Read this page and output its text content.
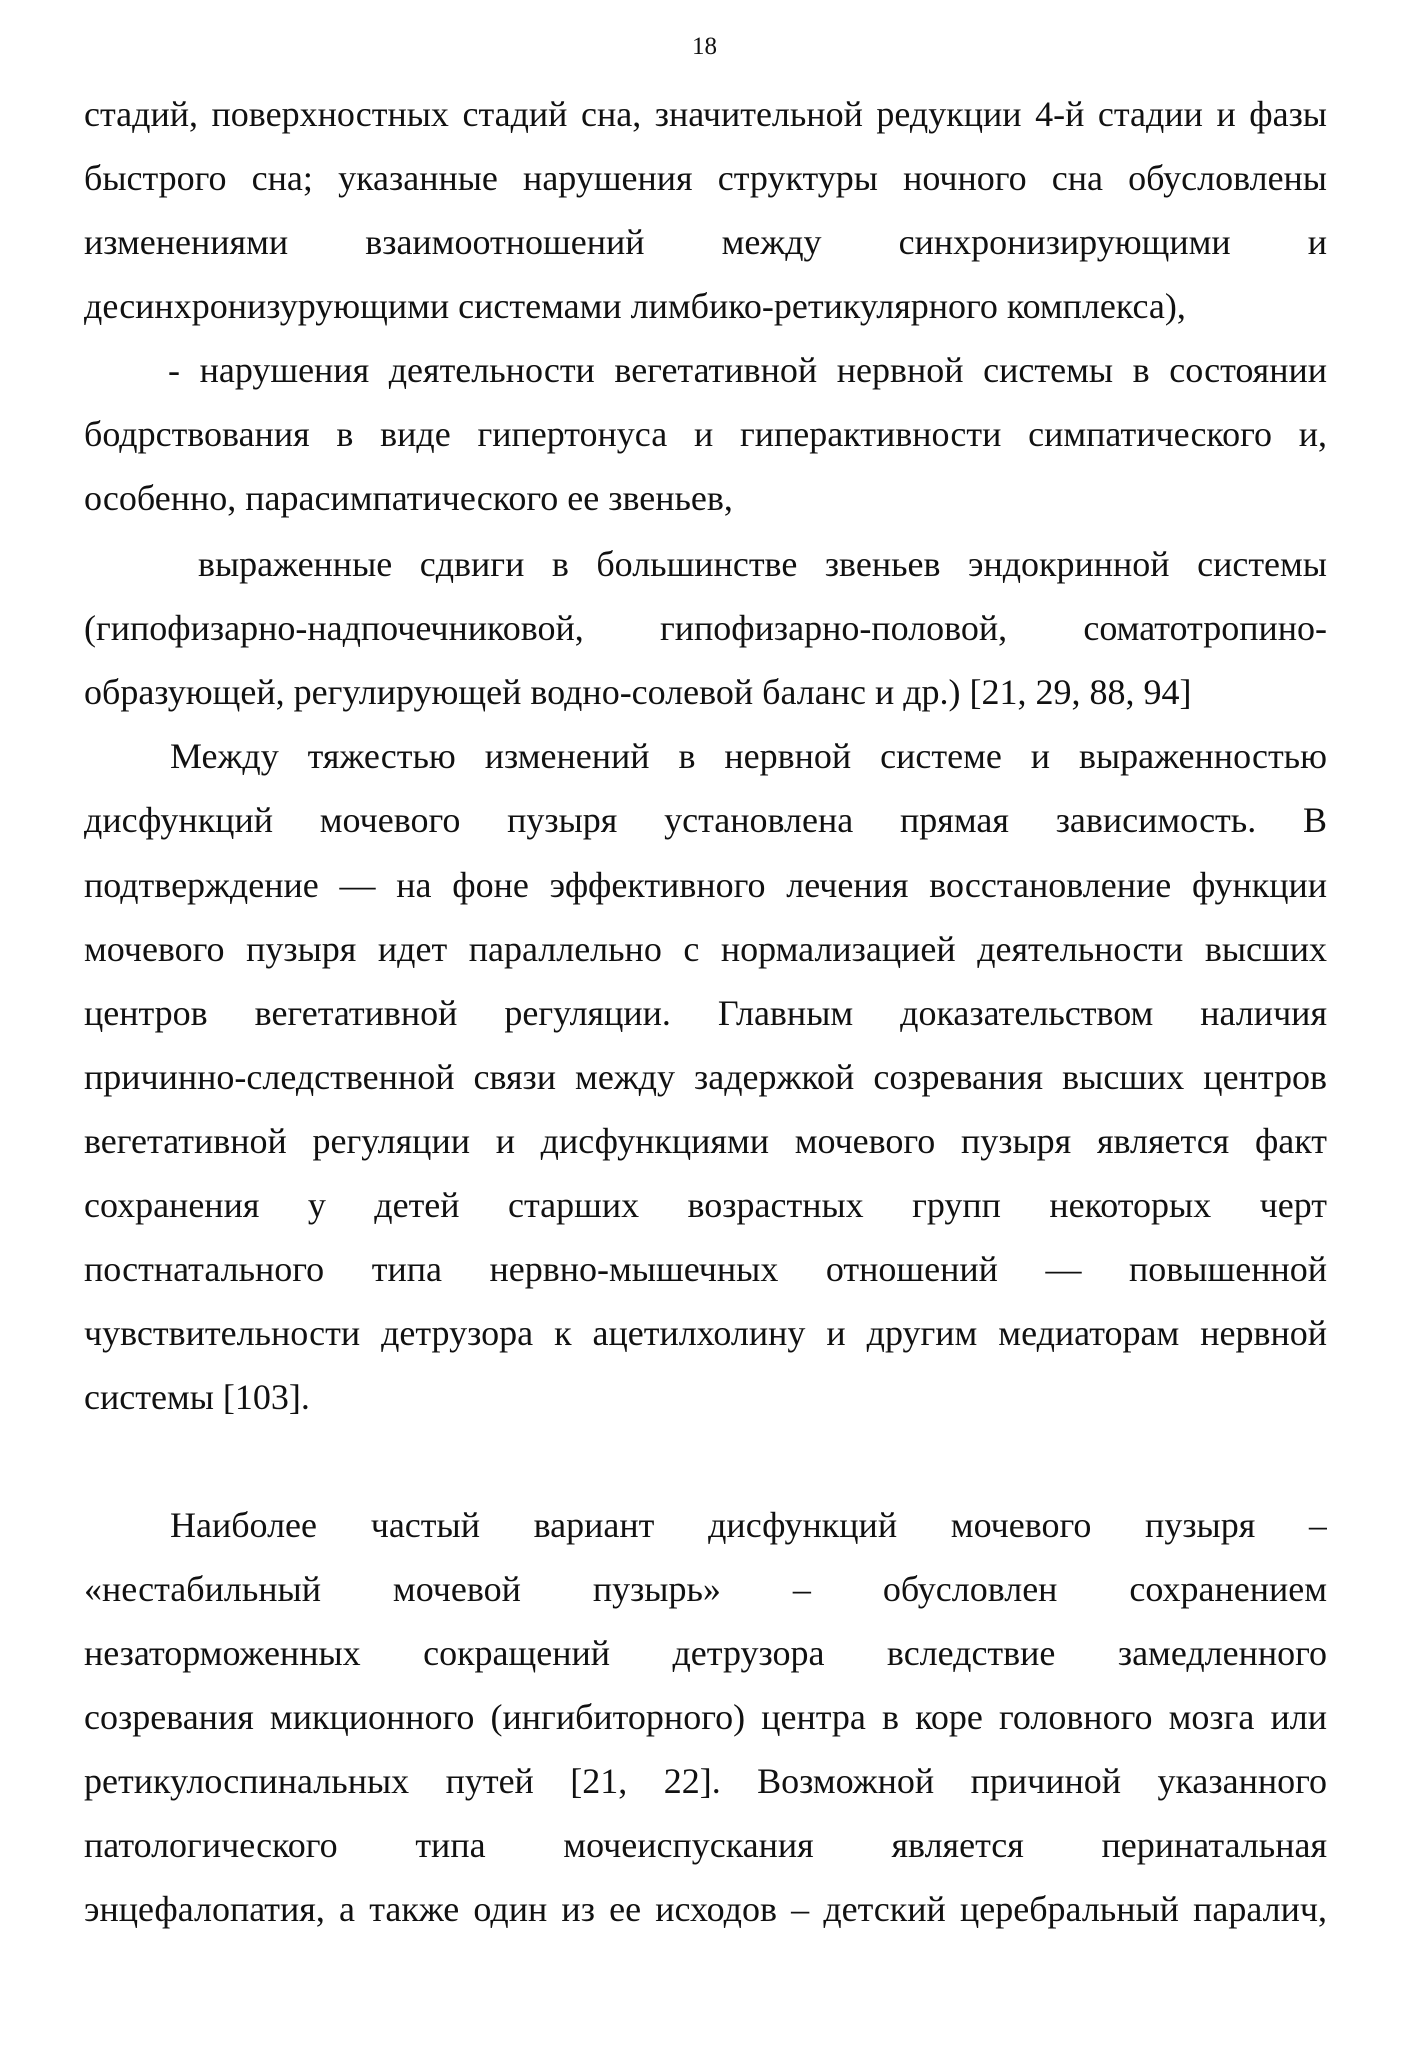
18
стадий, поверхностных стадий сна, значительной редукции 4-й стадии и фазы
быстрого сна; указанные нарушения структуры ночного сна обусловлены
изменениями взаимоотношений между синхронизирующими и
десинхронизурующими системами лимбико-ретикулярного комплекса),
- нарушения деятельности вегетативной нервной системы в состоянии
бодрствования в виде гипертонуса и гиперактивности симпатического и,
особенно, парасимпатического ее звеньев,
выраженные сдвиги в большинстве звеньев эндокринной системы
(гипофизарно-надпочечниковой, гипофизарно-половой, соматотропино-
образующей, регулирующей водно-солевой баланс и др.) [21, 29, 88, 94]
Между тяжестью изменений в нервной системе и выраженностью
дисфункций мочевого пузыря установлена прямая зависимость. В
подтверждение — на фоне эффективного лечения восстановление функции
мочевого пузыря идет параллельно с нормализацией деятельности высших
центров вегетативной регуляции. Главным доказательством наличия
причинно-следственной связи между задержкой созревания высших центров
вегетативной регуляции и дисфункциями мочевого пузыря является факт
сохранения у детей старших возрастных групп некоторых черт
постнатального типа нервно-мышечных отношений — повышенной
чувствительности детрузора к ацетилхолину и другим медиаторам нервной
системы [103].
Наиболее частый вариант дисфункций мочевого пузыря –
«нестабильный мочевой пузырь» – обусловлен сохранением
незаторможенных сокращений детрузора вследствие замедленного
созревания микционного (ингибиторного) центра в коре головного мозга или
ретикулоспинальных путей [21, 22]. Возможной причиной указанного
патологического типа мочеиспускания является перинатальная
энцефалопатия, а также один из ее исходов – детский церебральный паралич,
